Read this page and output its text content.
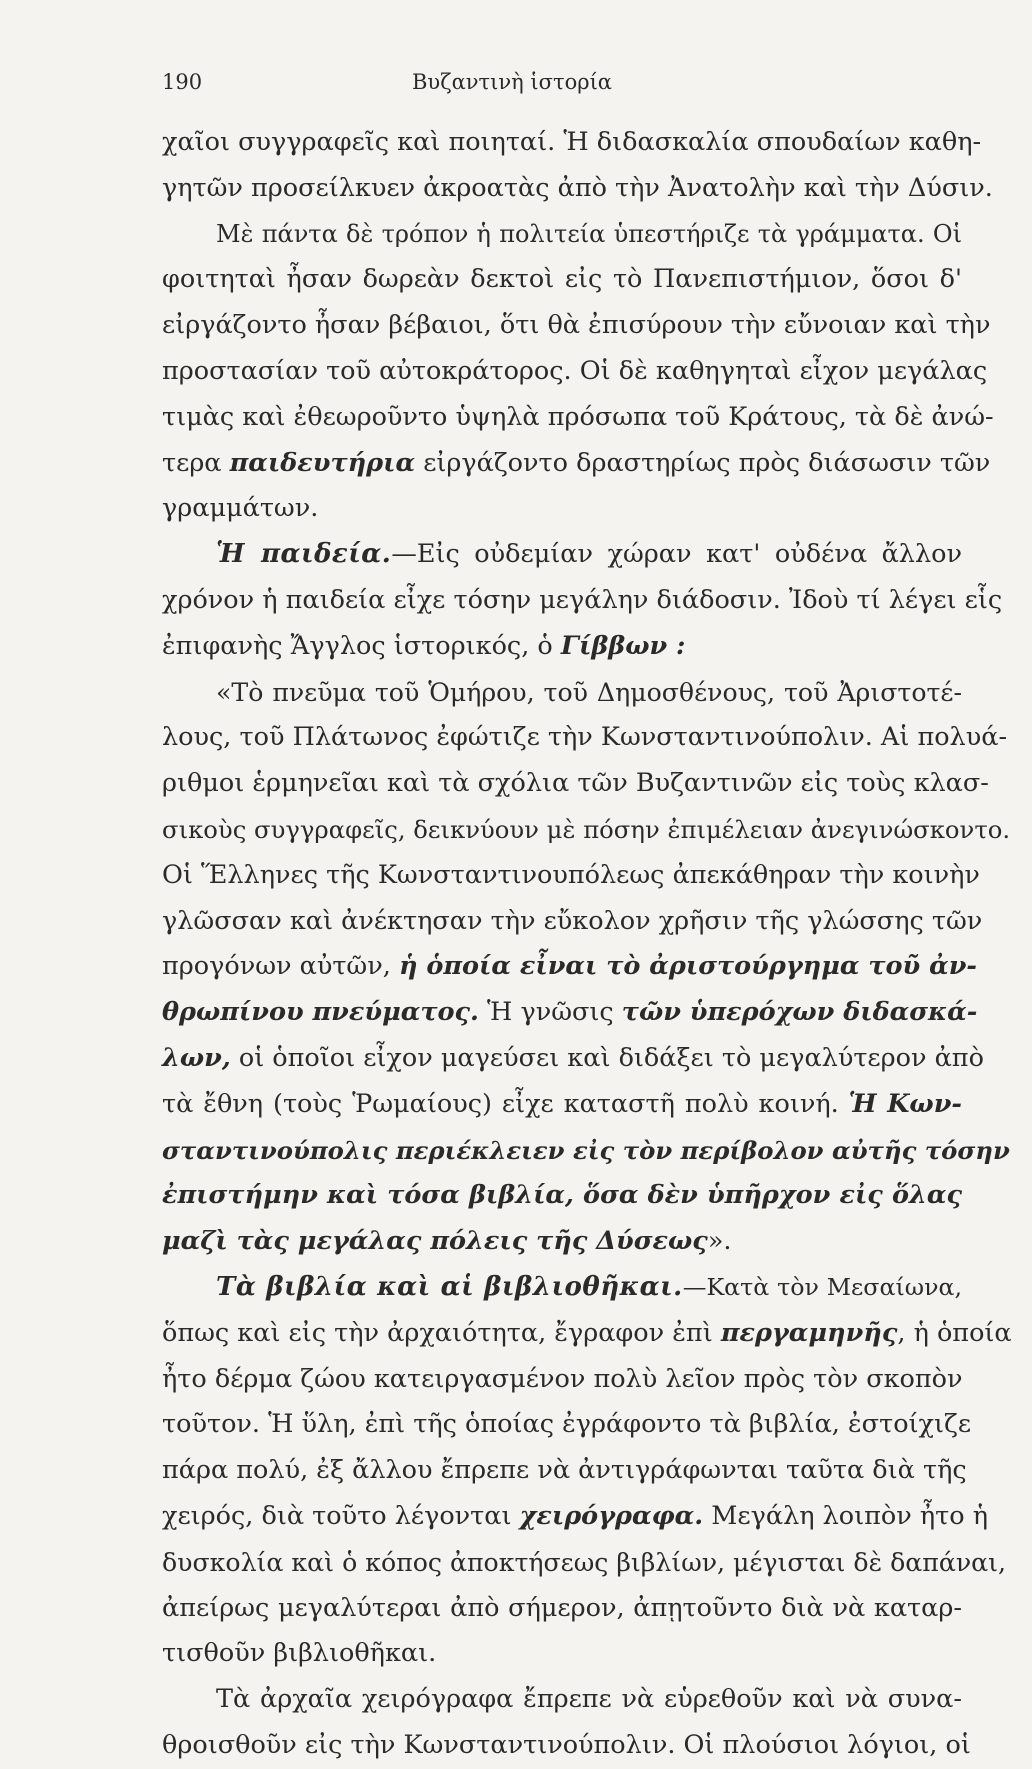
190	Βυζαντινὴ ἱστορία
χαῖοι συγγραφεῖς καὶ ποιηταί. Ἡ διδασκαλία σπουδαίων καθη-
γητῶν προσείλκυεν ἀκροατὰς ἀπὸ τὴν Ἀνατολὴν καὶ τὴν Δύσιν.
Μὲ πάντα δὲ τρόπον ἡ πολιτεία ὑπεστήριζε τὰ γράμματα. Οἱ
φοιτηταὶ ἦσαν δωρεὰν δεκτοὶ εἰς τὸ Πανεπιστήμιον, ὅσοι δ'
εἰργάζοντο ἦσαν βέβαιοι, ὅτι θὰ ἐπισύρουν τὴν εὔνοιαν καὶ τὴν
προστασίαν τοῦ αὐτοκράτορος. Οἱ δὲ καθηγηταὶ εἶχον μεγάλας
τιμὰς καὶ ἐθεωροῦντο ὑψηλὰ πρόσωπα τοῦ Κράτους, τὰ δὲ ἀνώ-
τερα παιδευτήρια εἰργάζοντο δραστηρίως πρὸς διάσωσιν τῶν
γραμμάτων.
Ἡ παιδεία.—Εἰς οὐδεμίαν χώραν κατ' οὐδένα ἄλλον
χρόνον ἡ παιδεία εἶχε τόσην μεγάλην διάδοσιν. Ἰδοὺ τί λέγει εἷς
ἐπιφανὴς Ἄγγλος ἱστορικός, ὁ Γίββων :
«Τὸ πνεῦμα τοῦ Ὁμήρου, τοῦ Δημοσθένους, τοῦ Ἀριστοτέ-
λους, τοῦ Πλάτωνος ἐφώτιζε τὴν Κωνσταντινούπολιν. Αἱ πολυά-
ριθμοι ἑρμηνεῖαι καὶ τὰ σχόλια τῶν Βυζαντινῶν εἰς τοὺς κλασ-
σικοὺς συγγραφεῖς, δεικνύουν μὲ πόσην ἐπιμέλειαν ἀνεγινώσκοντο.
Οἱ Ἕλληνες τῆς Κωνσταντινουπόλεως ἀπεκάθηραν τὴν κοινὴν
γλῶσσαν καὶ ἀνέκτησαν τὴν εὔκολον χρῆσιν τῆς γλώσσης τῶν
προγόνων αὐτῶν, ἡ ὁποία εἶναι τὸ ἀριστούργημα τοῦ ἀν-
θρωπίνου πνεύματος. Ἡ γνῶσις τῶν ὑπερόχων διδασκά-
λων, οἱ ὁποῖοι εἶχον μαγεύσει καὶ διδάξει τὸ μεγαλύτερον ἀπὸ
τὰ ἔθνη (τοὺς Ῥωμαίους) εἶχε καταστῆ πολὺ κοινή. Ἡ Κων-
σταντινούπολις περιέκλειεν εἰς τὸν περίβολον αὐτῆς τόσην
ἐπιστήμην καὶ τόσα βιβλία, ὅσα δὲν ὑπῆρχον εἰς ὅλας
μαζὶ τὰς μεγάλας πόλεις τῆς Δύσεως».
Τὰ βιβλία καὶ αἱ βιβλιοθῆκαι.—Κατὰ τὸν Μεσαίωνα,
ὅπως καὶ εἰς τὴν ἀρχαιότητα, ἔγραφον ἐπὶ περγαμηνῆς, ἡ ὁποία
ἦτο δέρμα ζώου κατειργασμένον πολὺ λεῖον πρὸς τὸν σκοπὸν
τοῦτον. Ἡ ὕλη, ἐπὶ τῆς ὁποίας ἐγράφοντο τὰ βιβλία, ἐστοίχιζε
πάρα πολύ, ἐξ ἄλλου ἔπρεπε νὰ ἀντιγράφωνται ταῦτα διὰ τῆς
χειρός, διὰ τοῦτο λέγονται χειρόγραφα. Μεγάλη λοιπὸν ἦτο ἡ
δυσκολία καὶ ὁ κόπος ἀποκτήσεως βιβλίων, μέγισται δὲ δαπάναι,
ἀπείρως μεγαλύτεραι ἀπὸ σήμερον, ἀπῃτοῦντο διὰ νὰ καταρ-
τισθοῦν βιβλιοθῆκαι.
Τὰ ἀρχαῖα χειρόγραφα ἔπρεπε νὰ εὑρεθοῦν καὶ νὰ συνα-
θροισθοῦν εἰς τὴν Κωνσταντινούπολιν. Οἱ πλούσιοι λόγιοι, οἱ
